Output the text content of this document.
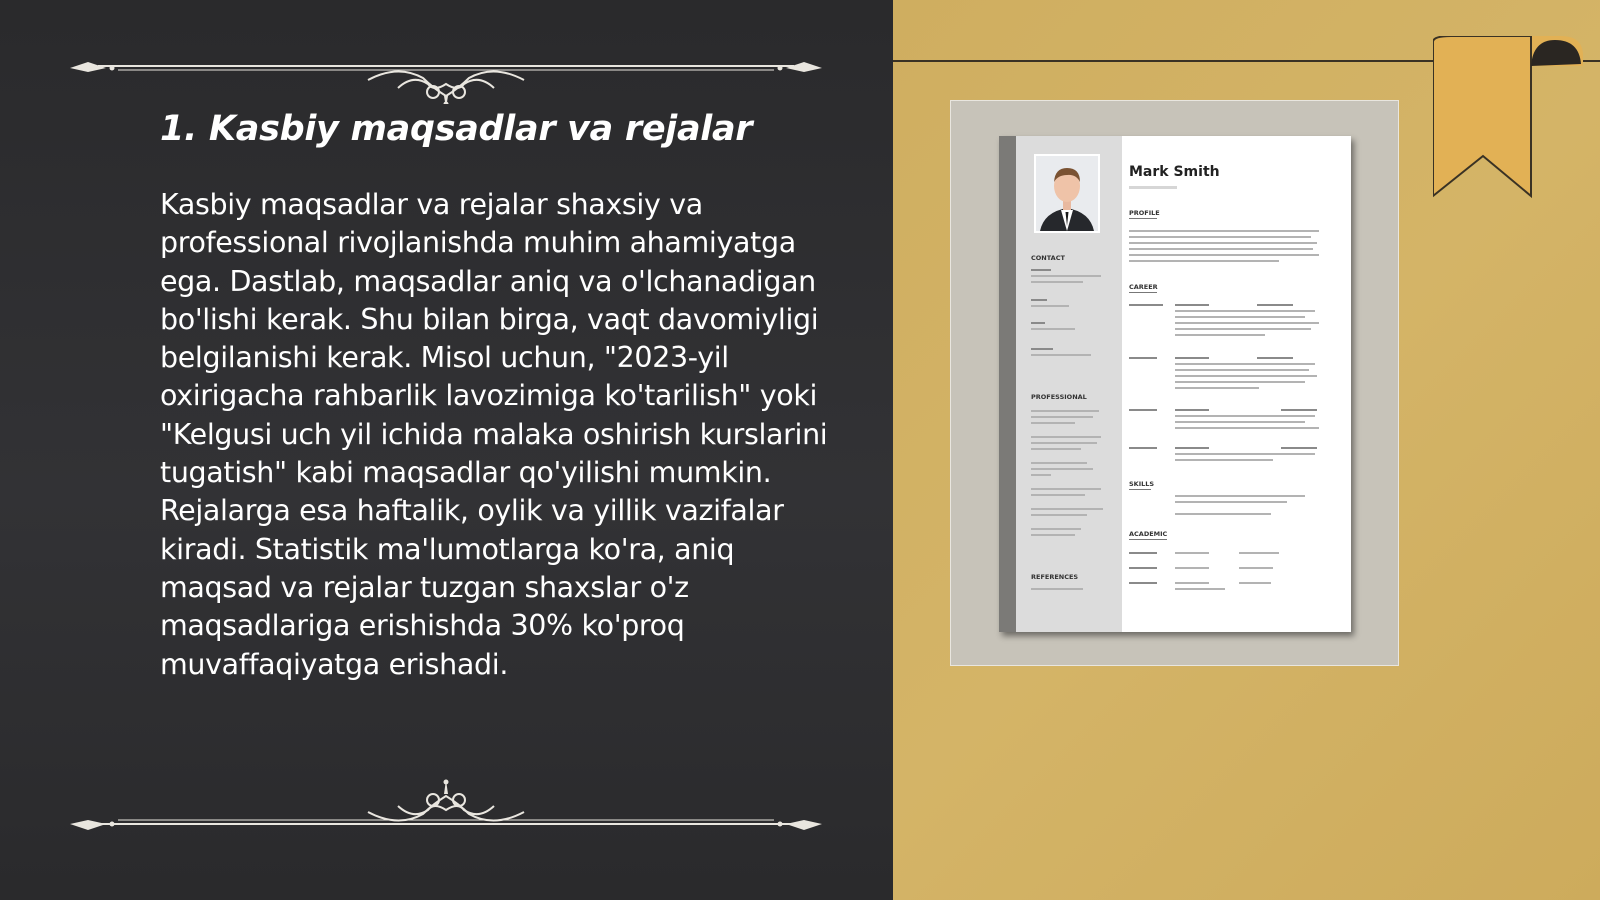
1. Kasbiy maqsadlar va rejalar

Kasbiy maqsadlar va rejalar shaxsiy va professional rivojlanishda muhim ahamiyatga ega. Dastlab, maqsadlar aniq va o'lchanadigan bo'lishi kerak. Shu bilan birga, vaqt davomiyligi belgilanishi kerak. Misol uchun, "2023-yil oxirigacha rahbarlik lavozimiga ko'tarilish" yoki "Kelgusi uch yil ichida malaka oshirish kurslarini tugatish" kabi maqsadlar qo'yilishi mumkin. Rejalarga esa haftalik, oylik va yillik vazifalar kiradi. Statistik ma'lumotlarga ko'ra, aniq maqsad va rejalar tuzgan shaxslar o'z maqsadlariga erishishda 30% ko'proq muvaffaqiyatga erishadi.

Mark Smith
CONTACT
PROFESSIONAL
REFERENCES
PROFILE
CAREER
SKILLS
ACADEMIC
